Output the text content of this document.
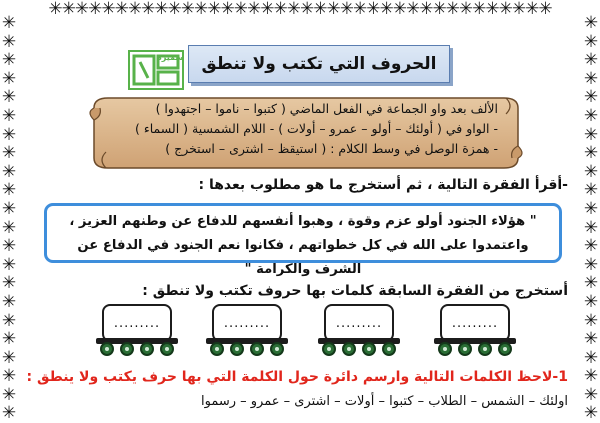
✳✳✳✳✳✳✳✳✳✳✳✳✳✳✳✳✳✳✳✳✳✳✳✳✳✳✳✳✳✳✳✳✳✳✳✳✳✳
✳
✳
✳
✳
✳
✳
✳
✳
✳
✳
✳
✳
✳
✳
✳
✳
✳
✳
✳
✳
✳
✳
✳
✳
✳
✳
✳
✳
✳
✳
✳
✳
✳
✳
✳
✳
✳
✳
✳
✳
✳
✳
✳
✳
سميرة الحروف التي تكتب ولا تنطق
الألف بعد واو الجماعة في الفعل الماضي ( كتبوا – ناموا – اجتهدوا )
- الواو في ( أولئك – أولو – عمرو – أولات ) - اللام الشمسية ( السماء )
- همزة الوصل في وسط الكلام : ( استيقظ – اشترى – استخرج )
-أقرأ الفقرة التالية ، ثم أستخرج ما هو مطلوب بعدها :
" هؤلاء الجنود أولو عزم وقوة ، وهبوا أنفسهم للدفاع عن وطنهم العزيز ، واعتمدوا على الله في كل خطواتهم ، فكانوا نعم الجنود في الدفاع عن الشرف والكرامة "
أستخرج من الفقرة السابقة كلمات بها حروف تكتب ولا تنطق :
.........	.........	.........	.........
1-لاحظ الكلمات التالية وارسم دائرة حول الكلمة التي بها حرف يكتب ولا ينطق :
اولئك – الشمس – الطلاب – كتبوا – أولات – اشترى – عمرو – رسموا
